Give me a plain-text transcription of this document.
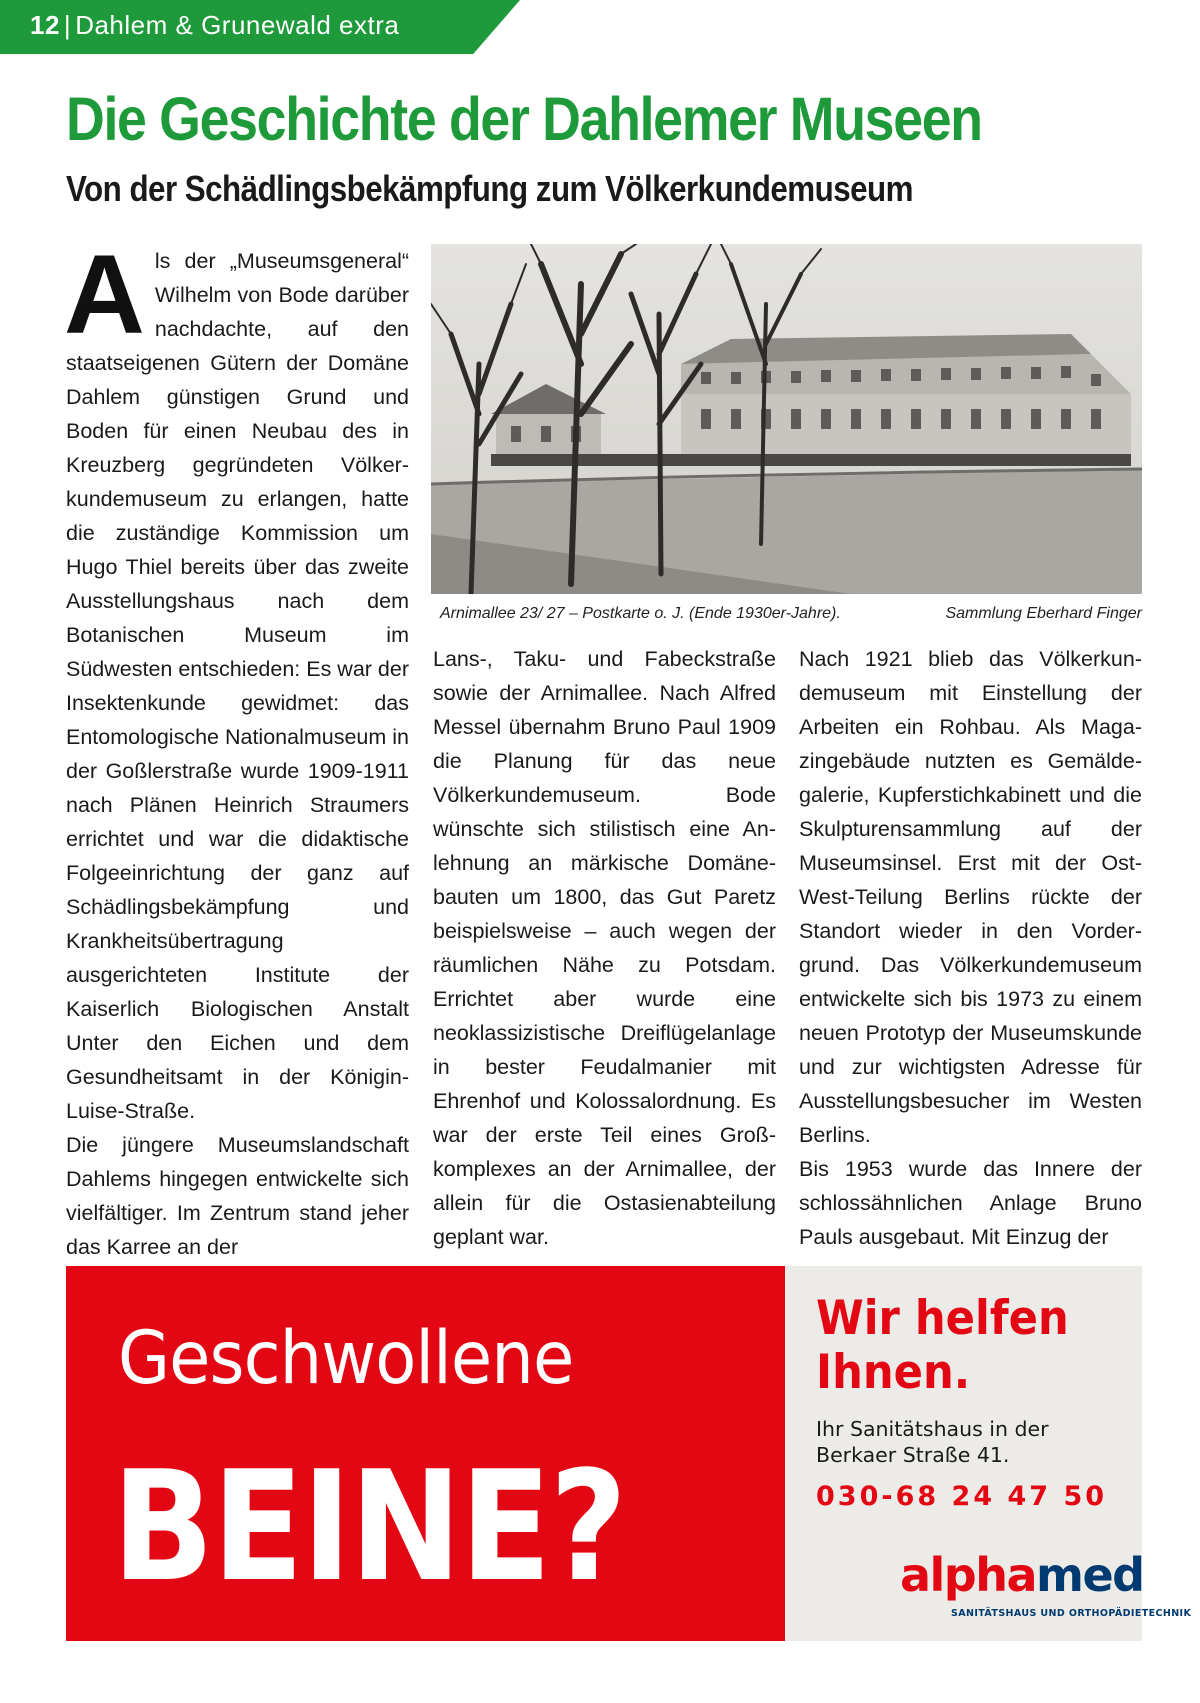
12 | Dahlem & Grunewald extra
Die Geschichte der Dahlemer Museen
Von der Schädlingsbekämpfung zum Völkerkundemuseum
A ls der „Museumsgeneral“ Wilhelm von Bode darüber nachdachte, auf den staatseigenen Gütern der Domäne Dahlem günstigen Grund und Boden für einen Neubau des in Kreuzberg gegründeten Völkerkundemuseum zu erlangen, hatte die zuständige Kommission um Hugo Thiel bereits über das zweite Ausstellungshaus nach dem Botanischen Museum im Südwesten entschieden: Es war der Insektenkunde gewidmet: das Entomologische Nationalmuseum in der Goßlerstraße wurde 1909-1911 nach Plänen Heinrich Straumers errichtet und war die didaktische Folgeeinrichtung der ganz auf Schädlingsbekämpfung und Krankheitsübertragung ausgerichteten Institute der Kaiserlich Biologischen Anstalt Unter den Eichen und dem Gesundheitsamt in der Königin-Luise-Straße.

Die jüngere Museumslandschaft Dahlems hingegen entwickelte sich vielfältiger. Im Zentrum stand jeher das Karree an der

Arnimallee 23/ 27 – Postkarte o. J. (Ende 1930er-Jahre).	Sammlung Eberhard Finger

Lans-, Taku- und Fabeckstraße sowie der Arnimallee. Nach Alfred Messel übernahm Bruno Paul 1909 die Planung für das neue Völkerkundemuseum. Bode wünschte sich stilistisch eine Anlehnung an märkische Domänebauten um 1800, das Gut Paretz beispielsweise – auch wegen der räumlichen Nähe zu Potsdam. Errichtet aber wurde eine neoklassizistische Dreiflügelanlage in bester Feudalmanier mit Ehrenhof und Kolossalordnung. Es war der erste Teil eines Großkomplexes an der Arnimallee, der allein für die Ostasienabteilung geplant war.

Nach 1921 blieb das Völkerkundemuseum mit Einstellung der Arbeiten ein Rohbau. Als Magazingebäude nutzten es Gemäldegalerie, Kupferstichkabinett und die Skulpturensammlung auf der Museumsinsel. Erst mit der Ost-West-Teilung Berlins rückte der Standort wieder in den Vordergrund. Das Völkerkundemuseum entwickelte sich bis 1973 zu einem neuen Prototyp der Museumskunde und zur wichtigsten Adresse für Ausstellungsbesucher im Westen Berlins.

Bis 1953 wurde das Innere der schlossähnlichen Anlage Bruno Pauls ausgebaut. Mit Einzug der

Geschwollene
BEINE?
Wir helfen
Ihnen.
Ihr Sanitätshaus in der
Berkaer Straße 41.
030-68 24 47 50
alphamed
SANITÄTSHAUS UND ORTHOPÄDIETECHNIK
